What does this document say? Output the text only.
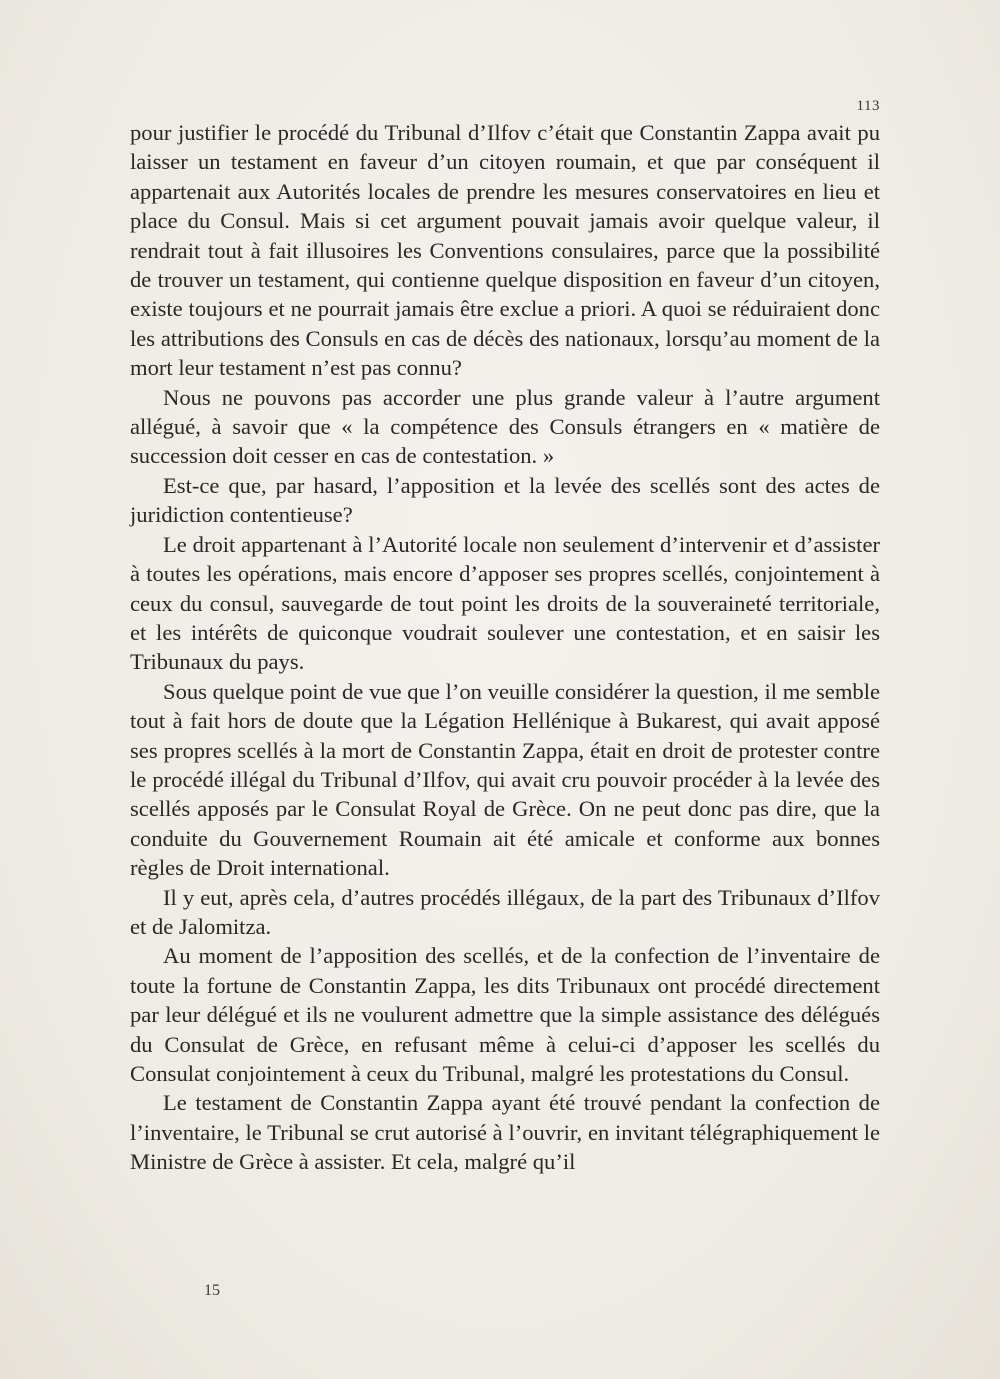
113

pour justifier le procédé du Tribunal d’Ilfov c’était que Constantin Zappa avait pu laisser un testament en faveur d’un citoyen roumain, et que par conséquent il appartenait aux Autorités locales de prendre les mesures conservatoires en lieu et place du Consul. Mais si cet argument pouvait jamais avoir quelque valeur, il rendrait tout à fait illusoires les Conventions consulaires, parce que la possibilité de trouver un testament, qui contienne quelque disposition en faveur d’un citoyen, existe toujours et ne pourrait jamais être exclue a priori. A quoi se réduiraient donc les attributions des Consuls en cas de décès des nationaux, lorsqu’au moment de la mort leur testament n’est pas connu?

Nous ne pouvons pas accorder une plus grande valeur à l’autre argument allégué, à savoir que « la compétence des Consuls étrangers en « matière de succession doit cesser en cas de contestation. »

Est-ce que, par hasard, l’apposition et la levée des scellés sont des actes de juridiction contentieuse?

Le droit appartenant à l’Autorité locale non seulement d’intervenir et d’assister à toutes les opérations, mais encore d’apposer ses propres scellés, conjointement à ceux du consul, sauvegarde de tout point les droits de la souveraineté territoriale, et les intérêts de quiconque voudrait soulever une contestation, et en saisir les Tribunaux du pays.

Sous quelque point de vue que l’on veuille considérer la question, il me semble tout à fait hors de doute que la Légation Hellénique à Bukarest, qui avait apposé ses propres scellés à la mort de Constantin Zappa, était en droit de protester contre le procédé illégal du Tribunal d’Ilfov, qui avait cru pouvoir procéder à la levée des scellés apposés par le Consulat Royal de Grèce. On ne peut donc pas dire, que la conduite du Gouvernement Roumain ait été amicale et conforme aux bonnes règles de Droit international.

Il y eut, après cela, d’autres procédés illégaux, de la part des Tribunaux d’Ilfov et de Jalomitza.

Au moment de l’apposition des scellés, et de la confection de l’inventaire de toute la fortune de Constantin Zappa, les dits Tribunaux ont procédé directement par leur délégué et ils ne voulurent admettre que la simple assistance des délégués du Consulat de Grèce, en refusant même à celui-ci d’apposer les scellés du Consulat conjointement à ceux du Tribunal, malgré les protestations du Consul.

Le testament de Constantin Zappa ayant été trouvé pendant la confection de l’inventaire, le Tribunal se crut autorisé à l’ouvrir, en invitant télégraphiquement le Ministre de Grèce à assister. Et cela, malgré qu’il

15
